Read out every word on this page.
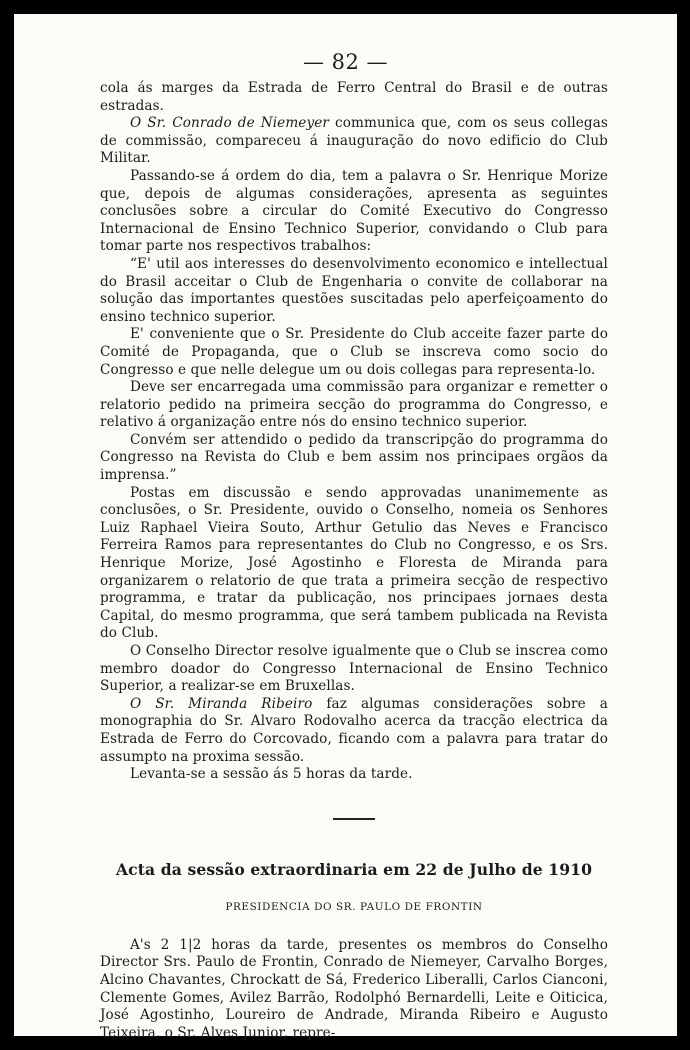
— 82 —

cola ás marges da Estrada de Ferro Central do Brasil e de outras estradas.

O Sr. Conrado de Niemeyer communica que, com os seus collegas de commissão, compareceu á inauguração do novo edificio do Club Militar.

Passando-se á ordem do dia, tem a palavra o Sr. Henrique Morize que, depois de algumas considerações, apresenta as seguintes conclusões sobre a circular do Comité Executivo do Congresso Internacional de Ensino Technico Superior, convidando o Club para tomar parte nos respectivos trabalhos:

“E' util aos interesses do desenvolvimento economico e intellectual do Brasil acceitar o Club de Engenharia o convite de collaborar na solução das importantes questões suscitadas pelo aperfeiçoamento do ensino technico superior.

E' conveniente que o Sr. Presidente do Club acceite fazer parte do Comité de Propaganda, que o Club se inscreva como socio do Congresso e que nelle delegue um ou dois collegas para representa-lo.

Deve ser encarregada uma commissão para organizar e remetter o relatorio pedido na primeira secção do programma do Congresso, e relativo á organização entre nós do ensino technico superior.

Convém ser attendido o pedido da transcripção do programma do Congresso na Revista do Club e bem assim nos principaes orgãos da imprensa.”

Postas em discussão e sendo approvadas unanimemente as conclusões, o Sr. Presidente, ouvido o Conselho, nomeia os Senhores Luiz Raphael Vieira Souto, Arthur Getulio das Neves e Francisco Ferreira Ramos para representantes do Club no Congresso, e os Srs. Henrique Morize, José Agostinho e Floresta de Miranda para organizarem o relatorio de que trata a primeira secção de respectivo programma, e tratar da publicação, nos principaes jornaes desta Capital, do mesmo programma, que será tambem publicada na Revista do Club.

O Conselho Director resolve igualmente que o Club se inscrea como membro doador do Congresso Internacional de Ensino Technico Superior, a realizar-se em Bruxellas.

O Sr. Miranda Ribeiro faz algumas considerações sobre a monographia do Sr. Alvaro Rodovalho acerca da tracção electrica da Estrada de Ferro do Corcovado, ficando com a palavra para tratar do assumpto na proxima sessão.

Levanta-se a sessão ás 5 horas da tarde.

Acta da sessão extraordinaria em 22 de Julho de 1910
PRESIDENCIA DO SR. PAULO DE FRONTIN

A's 2 1|2 horas da tarde, presentes os membros do Conselho Director Srs. Paulo de Frontin, Conrado de Niemeyer, Carvalho Borges, Alcino Chavantes, Chrockatt de Sá, Frederico Liberalli, Carlos Cianconi, Clemente Gomes, Avilez Barrão, Rodolphó Bernardelli, Leite e Oiticica, José Agostinho, Loureiro de Andrade, Miranda Ribeiro e Augusto Teixeira, o Sr. Alves Junior, repre-
